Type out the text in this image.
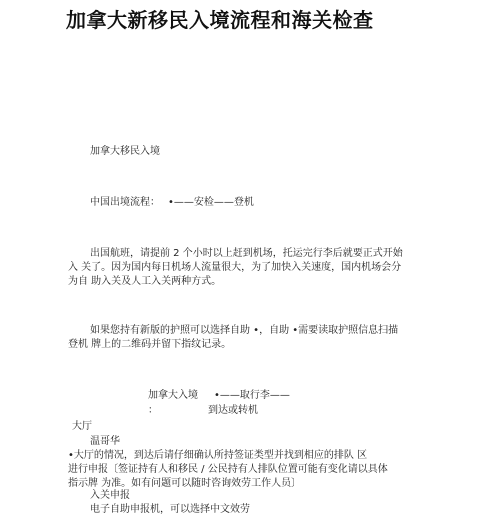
加拿大新移民入境流程和海关检查
加拿大移民入境
中国出境流程： •——安检——登机
出国航班，请提前 2 个小时以上赶到机场，托运完行李后就要正式开始
入 关了。因为国内每日机场人流量很大，为了加快入关速度，国内机场会分
为自 助入关及人工入关两种方式。
如果您持有新版的护照可以选择自助 •，自助 •需要读取护照信息扫描
登机 牌上的二维码并留下指纹记录。
加拿大入境
：
•——取行李——
到达或转机
大厅
温哥华
•大厅的情况，到达后请仔细确认所持签证类型并找到相应的排队 区
进行申报〔签证持有人和移民 / 公民持有人排队位置可能有变化请以具体
指示牌 为准。如有问题可以随时咨询效劳工作人员〕
入关申报
电子自助申报机，可以选择中文效劳
